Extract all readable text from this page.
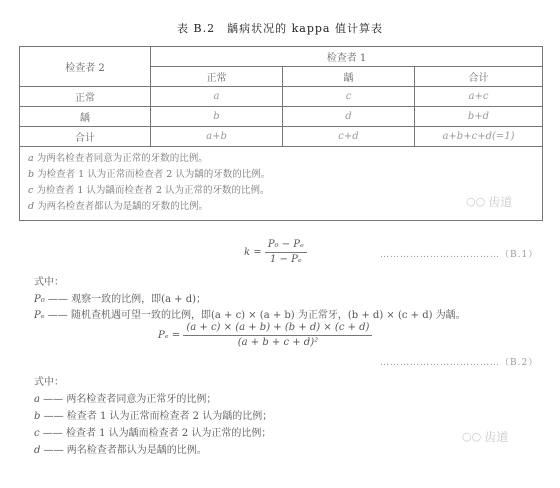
表 B.2　龋病状况的 kappa 值计算表
检查者 2	检查者 1		
	正常	龋	合计
正常	a	c	a+c
龋	b	d	b+d
合计	a+b	c+d	a+b+c+d(=1)

a 为两名检查者同意为正常的牙数的比例。
b 为检查者 1 认为正常而检查者 2 认为龋的牙数的比例。
c 为检查者 1 认为龋而检查者 2 认为正常的牙数的比例。
d 为两名检查者都认为是龋的牙数的比例。				○○ 齿道
$k = \frac{\text{P₀ − Pₑ}}{\text{1 − Pₑ}}$	………………………………（B.1）
式中：
P₀ —— 观察一致的比例，即(a + d)；
Pₑ —— 随机查机遇可望一致的比例，即(a + c) × (a + b) 为正常牙，(b + d) × (c + d) 为龋。
$P_e = \frac{(a + c) \times (a + b) + (b + d) \times (c + d)}{\text{(a + b + c + d)²}}$
………………………………（B.2）
式中：
a —— 两名检查者同意为正常牙的比例；
b —— 检查者 1 认为正常而检查者 2 认为龋的比例；
c —— 检查者 1 认为龋而检查者 2 认为正常的比例；
d —— 两名检查者都认为是龋的比例。
○○ 齿道
